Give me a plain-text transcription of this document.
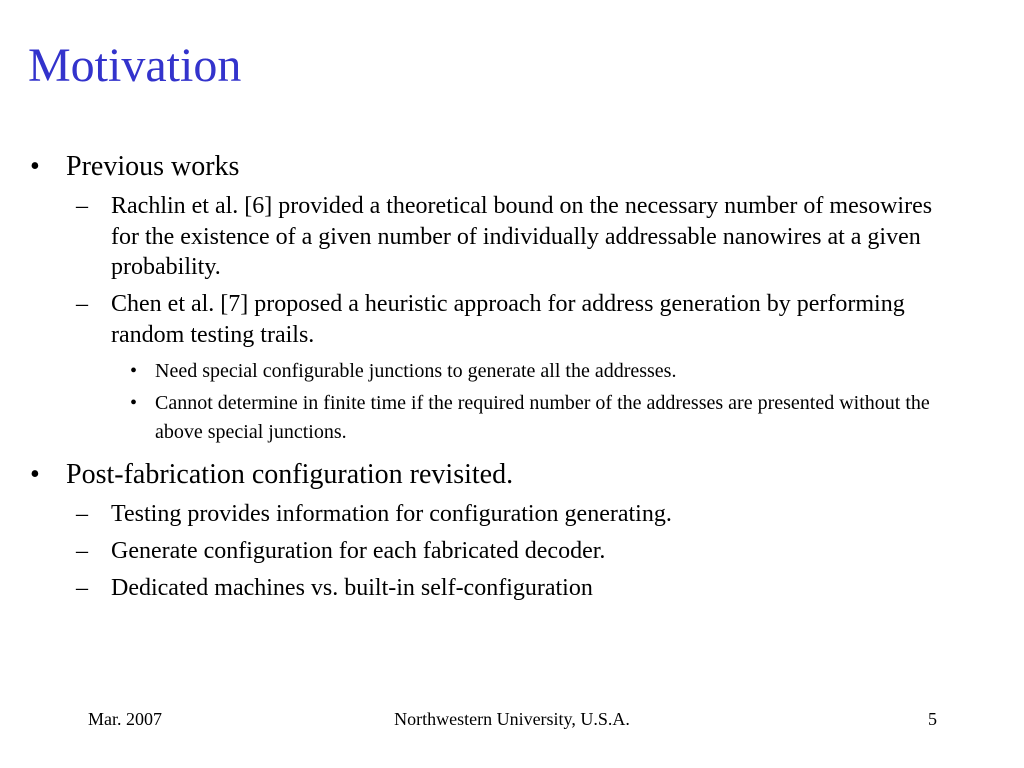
Motivation
• Previous works
– Rachlin et al. [6] provided a theoretical bound on the necessary number of mesowires for the existence of a given number of individually addressable nanowires at a given probability.
– Chen et al. [7] proposed a heuristic approach for address generation by performing random testing trails.
• Need special configurable junctions to generate all the addresses.
• Cannot determine in finite time if the required number of the addresses are presented without the above special junctions.
• Post-fabrication configuration revisited.
– Testing provides information for configuration generating.
– Generate configuration for each fabricated decoder.
– Dedicated machines vs. built-in self-configuration
Mar. 2007	Northwestern University, U.S.A.	5
